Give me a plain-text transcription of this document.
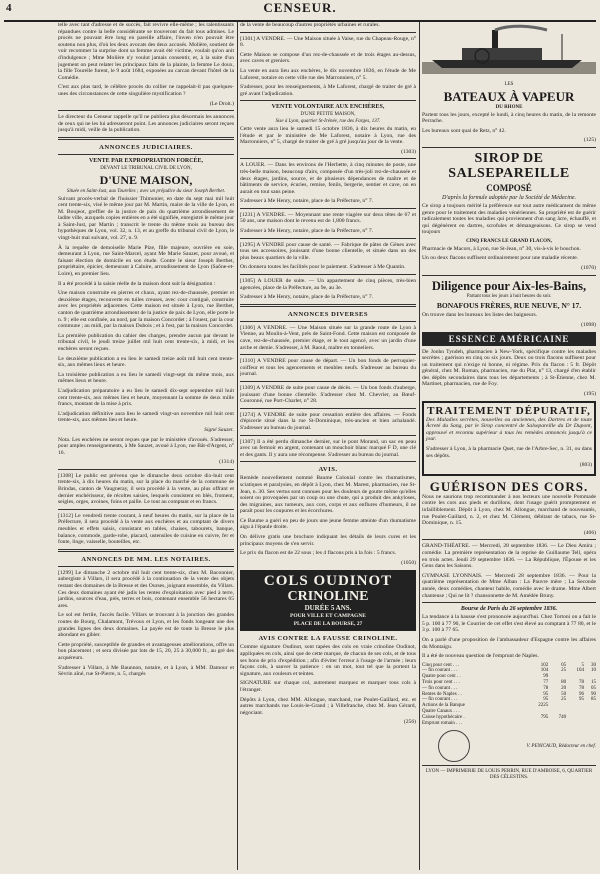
4	CENSEUR.

telle avec tant d'adresse et de succès, fait revivre elle-même ; les ralentissants répandues contre la belle considérante se trouveront du fait tous admises. Le procès ne pouvant être long en pareille affaire, l'inven n'en pouvait être soutenu non plus, d'où les deux avocats des deux accusés. Molière, soutient de voir recommer la surprise dont sa femme avait été victime, voulait qu'on anit d'indulgence ; Mme Molière n'y voulut jamais consentir, et, à la suite d'un jugement on peut relater les principaux faits de la plainte, la femme Le doux, la fille Tourelle furent, le 9 août 1684, exposées au carcan devant l'hôtel de la Comédie.

C'est aux plus tard, le célèbre procès du collier ne rappelait-il pas quelques-unes des circonstances de cette singulière mystification ?

(Le Droit.)

Le directeur du Censeur rappelle qu'il ne publiera plus désormais les annonces de ceux qui ne les lui adresseront point. Les annonces judiciaires seront reçues jusqu'à midi, veille de la publication.

ANNONCES JUDICIAIRES.
VENTE PAR EXPROPRIATION FORCÉE,
DEVANT LE TRIBUNAL CIVIL DE LYON,
D'UNE MAISON,
Située en Saint-Just, aux Tourelles ; avec un préjudice du sieur Joseph Berthet.

Suivant procès-verbal de l'huissier Thimonier, en date du sept mai mil huit cent trente-six, visé le même jour par M. Martin, maire de la ville de Lyon, et M. Boujeot, greffier de la justice de paix du quatrième arrondissement de ladite ville, auxquels copies entières en a été signifiée, enregistré le même jour à Saint-Just, par Martin ; transcrit le trente du même mois au bureau des hypothèques de Lyon, vol. 32, n. 13, et au greffe du tribunal civil de Lyon, le vingt-huit mai suivant, vol. 27, n. 9.

À la requête de demoiselle Marie Pize, fille majeure, ouvrière en soie, demeurant à Lyon, rue Saint-Marcel, ayant Me Marie Sauzet, pour avoué, et faisant élection de domicile en son étude. Contre le sieur Joseph Berthet, propriétaire, épicier, demeurant à Caluire, arrondissement de Lyon (Saône-et-Loire), en premier lieu.

Il a été procédé à la saisie réelle de la maison dont suit la désignation :

Une maison construite en pierres et chaux, ayant rez-de-chaussée, premier et deuxième étages, recouverte en tuiles creuses, avec cour contiguë, construite avec les propriétés adjacentes. Cette maison est située à Lyon, rue Berthet, canton de quatrième arrondissement de la justice de paix de Lyon, elle porte le n. 9 ; elle est confinée, au nord, par la maison Concordet ; à l'ouest, par la cour commune ; au midi, par la maison Dubois ; et à l'est, par la maison Concordet.

La première publication du cahier des charges, prendre aucun par devant le tribunal civil, le jeudi treize juillet mil huit cent trente-six, à midi, et les enchères seront reçues.

Le deuxième publication a eu lieu le samedi treize août mil huit cent trente-six, aux mêmes lieux et heure.

La troisième publication a eu lieu le samedi vingt-sept du même mois, aux mêmes lieux et heure.

L'adjudication préparatoire a eu lieu le samedi dix-sept septembre mil huit cent trente-six, aux mêmes lieu et heure, moyennant la somme de deux mille francs, montant de la mise à prix.

L'adjudication définitive aura lieu le samedi vingt-un novembre mil huit cent trente-six, aux mêmes lieu et heure.

Signé Sauzet.

Nota. Les enchères ne seront reçues que par le ministère d'avoués. S'adresser, pour amples renseignements, à Me Sauzet, avoué à Lyon, rue Bât-d'Argent, n° 16.

(1314)

[1308] Le public est prévenu que le dimanche deux octobre dix-huit cent trente-six, à dix heures du matin, sur la place du marché de la commune de Brindas, canton de Vaugneray, il sera procédé à la vente, au plus offrant et dernier enchérisseur, de récoltes saisies, lesquels consistent en blés, froment, seigles, orges, avoines, foins et paille. Le tout au comptant et en francs.

[1312] Le vendredi trente courant, à neuf heures du matin, sur la place de la Préfecture, il sera procédé à la vente aux enchères et au comptant de divers meubles et effets saisis, consistant en tables, chaises, tabourets, banque, balance, commode, garde-robe, placard, ustensiles de cuisine en cuivre, fer et fonte, linge, vaisselle, bouteilles, etc.

ANNONCES DE MM. LES NOTAIRES.

[1299] Le dimanche 2 octobre mil huit cent trente-six, chez M. Baconnier, aubergiste à Villars, il sera procédé à la continuation de la vente des objets restant des domaines de la Bresse et des Ourses, joignant ensemble, du Villars. Ces deux domaines ayant été jadis les rentes d'exploitation avec pied à terre, jardins, sources d'eau, prés, terres et bois, contenant ensemble 56 hectares 65 ares.

Le sol est fertile, l'accès facile. Villars se trouvant à la jonction des grandes routes de Bourg, Chalamont, Trévoux et Lyon, et les fonds longeant une des grandes lignes des deux domaines. La payée est de toute la Bresse le plus abondant en gibier.

Cette propriété, susceptible de grandes et avantageuses améliorations, offre un bon placement ; et sera divisée par lots de 15, 20, 25 à 30,000 fr., au gré des acquéreurs.

S'adresser à Villars, à Me Baunnon, notaire, et à Lyon, à MM. Damour et Sèvrin aîné, rue St-Pierre, n. 5, chargés

de la vente de beaucoup d'autres propriétés urbaines et rurales.

[1301] A VENDRE. — Une Maison située à Vaise, rue du Chapeau-Rouge, n° 8.

Cette Maison se compose d'un rez-de-chaussée et de trois étages au-dessus, avec caves et greniers.

La vente en aura lieu aux enchères, le dix novembre 1836, en l'étude de Me Laforest, notaire en cette ville rue des Marronniers, n° 5.

S'adresser, pour les renseignements, à Me Laforest, chargé de traiter de gré à gré avant l'adjudication.

VENTE VOLONTAIRE AUX ENCHÈRES,
D'UNE PETITE MAISON,
Sise à Lyon, quartier St-Irénée, rue des Farges, 137.

Cette vente aura lieu le samedi 15 octobre 1836, à dix heures du matin, en l'étude et par le ministère de Me Laforest, notaire à Lyon, rue des Marronniers, n° 5, chargé de traiter de gré à gré jusqu'au jour de la vente.

(1303)

A LOUER. — Dans les environs de l'Herbette, à cinq minutes de poste, une très-belle maison, beaucoup d'airs, composée d'un très-joli rez-de-chaussée et deux étages, jardins, source, et de plusieurs dépendances de maître et de bâtiments de service, écuries, remise, fenils, bergerie, sentier et cave, on en aurait en tout sans peine.

S'adresser à Me Henry, notaire, place de la Préfecture, n° 7.

[1231] A VENDRE. — Moyennant une rente viagère sur deux têtes de 67 et 50 ans, une maison dont le revenu est de 1,800 francs.

S'adresser à Me Henry, notaire, place de la Préfecture, n° 7.

[1295] A VENDRE pour cause de santé. — Fabrique de pâtes de Gênes avec tous ses accessoires, jouissant d'une bonne clientelle, et située dans un des plus beaux quartiers de la ville.

On donnera toutes les facilités pour le paiement. S'adresser à Me Quantin.

[1305] A LOUER de suite. — Un appartement de cinq pièces, très-bien agencées, place de la Préfecture, au 9e, au 3e.

S'adresser à Me Henry, notaire, place de la Préfecture, n° 7.

ANNONCES DIVERSES

[1306] A VENDRE. — Une Maison située sur la grande route de Lyon à Vienne, au Moulin-à-Vent, près de Saint-Fond. Cette maison est composée de cave, rez-de-chaussée, premier étage, et le tout agencé, avec un jardin d'une arche et demie. S'adresser, à M. Raoul, maître en tonneliers.

[1310] A VENDRE pour cause de départ. — Un bon fonds de perruquier-coiffeur et tous les agencements et meubles neufs. S'adresser au bureau du journal.

[1309] A VENDRE de suite pour cause de décès. — Un bon fonds d'auberge, jouissant d'une bonne clientelle. S'adresser chez M. Chevrier, au Bœuf-Couronné, rue Port-Charlet, n° 28.

[1274] A VENDRE de suite pour cessation entière des affaires. — Fonds d'épicerie situé dans la rue St-Dominique, très-ancien et bien achalandé. S'adresser au bureau du journal.

[1307] Il a été perdu dimanche dernier, sur le pont Morand, un sac en peau avec un fermoir en argent, contenant un mouchoir blanc marqué F D, une clé et des gants. Il y aura une récompense. S'adresser au bureau du journal.

AVIS.

Remède nouvellement nommé Baume Colonial contre les rhumatismes, sciatiques et paralysies, en dépôt à Lyon, chez M. Marest, pharmacien, rue St-Jean, n. 30. Ses vertus sont connues pour les douleurs de goutte même qu'elles soient ou provoquées par un coup ou une chute, qui a produit des ankyloses, des migraines, aux tumeurs, aux cors, corps et aux enflures d'humeurs, il ne paraît pour les coupures et les écorchures.

Ce Baume a guéri en peu de jours une jeune femme atteinte d'un rhumatisme aigu à l'épaule droite.

On délivre gratis une brochure indiquant les détails de leurs cures et les principaux moyens de s'en servir.

Le prix du flacon est de 22 sous ; les 4 flacons pris à la fois : 5 francs.

(1050)

COLS OUDINOT
CRINOLINE
DURÉE 5 ANS.
POUR VILLE ET CAMPAGNE
PLACE DE LA BOURSE, 27
AVIS CONTRE LA FAUSSE CRINOLINE.

Comme signature Oudinot, sont tapées des cols en vraie crinoline Oudinot, appliquées en cols, ainsi que de cette marque, de chacun de ses cols, et de tous ses bons de prix d'expédition ; afin d'éviter l'erreur à l'usage de l'armée ; leurs façons cols, à sauver la patience : en un mot, tout tel que la portent la signature, aux couleurs et teintes.

SIGNATURE sur chaque col, autrement marquez et marquer tous cols à l'étranger.

Dépôts à Lyon, chez MM. Allongue, marchand, rue Poulet-Gaillard, etc. et autres marchands rue Louis-le-Grand ; à Villefranche, chez M. Jean Gérard, négociant.

(256)

LES
BATEAUX À VAPEUR
DU RHONE

Partent tous les jours, excepté le lundi, à cinq heures du matin, de la remonte Perrache.

Les bureaux sont quai de Retz, n° 42.

(125)

SIROP DE SALSEPAREILLE
COMPOSÉ
D'après la formule adoptée par la Société de Médecine.

Ce sirop a toujours mérité la préférence sur tout autre médicament du même genre pour le traitement des maladies vénériennes. Sa propriété est de guérir radicalement toutes les maladies qui proviennent d'un sang âcre, échauffé, et qui dégénèrent en dartres, scrofules et démangeaisons. Ce sirop se vend toujours

CINQ FRANCS LE GRAND FLACON,

Pharmacie de Macors, à Lyon, rue St-Jean, n° 30, vis-à-vis le bouchon.

Un ou deux flacons suffisent ordinairement pour une maladie récente.

(1070)

Diligence pour Aix-les-Bains,
Partant tous les jours à huit heures du soir.
BONAFOUS FRÈRES, RUE NEUVE, N° 17.

On trouve dans les bureaux les listes des baigneurs.

(1098)

ESSENCE AMÉRICAINE

De Jonhn Tyndeh, pharmacien à New-York, spécifique contre les maladies secrètes ; guérison en cinq ou six jours. Deux ou trois flacons suffisent pour un traitement qui n'exige ni bonne, ni régime. Prix du flacon : 5 fr. Dépôt général, chez M. Roman, pharmacien, rue du Plat, n° 13, chargé d'en établir des dépôts secondaires dans tous les départements ; à St-Étienne, chez M. Martinet, pharmacien, rue de Foy.

(195)

TRAITEMENT DÉPURATIF,

Des Maladies secrètes, nouvelles ou anciennes, des Dartres et de toute Âcreté du Sang, par le Sirop concentré de Salsepareille du Dr Dupont, approuvé et reconnu supérieur à tous les remèdes annoncés jusqu'à ce jour.

S'adresser à Lyon, à la pharmacie Quet, rue de l'Arbre-Sec, n. 31, ou dans ses dépôts.

(803)

GUÉRISON DES CORS.

Nous ne saurions trop recommander à nos lecteurs une nouvelle Pommade contre les cors aux pieds et durillons, dont l'usage guérit promptement et infailliblement. Dépôt à Lyon, chez M. Allongue, marchand de nouveautés, rue Poulet-Gaillard, n. 2, et chez M. Clément, débitant de tabacs, rue St-Dominique, n. 15.

(406)

GRAND-THÉATRE. — Mercredi, 28 septembre 1836. — Le Dieu Amira ; comédie. La première représentation de la reprise de Guillaume Tell, opéra en trois actes. Jeudi 29 septembre 1836. — La République, l'Épouse et les Gens dans les Saisons.

GYMNASE LYONNAIS. — Mercredi 28 septembre 1836. — Pour la quatrième représentation de Mme Alban : La Pauvre mère ; La Seconde année, deux comédies, chanteur habile, comédie avec le drame. Mme Albert chanteuse ; Qui ne lit ? chansonnette de M. Amédée Bruny.

Bourse de Paris du 26 septembre 1836.

La tendance à la hausse s'est prononcée aujourd'hui. Chez Tortoni on a fait le 5 p. 100 à 77 90, le Courrier de cet effet s'est élevé au comptant à 77 80, et le 3 p. 100 à 77 65.

On a parlé d'une proposition de l'ambassadeur d'Espagne contre les affaires du Montaigu.

Il a été de nouveau question de l'emprunt de Naples.

Cinq pour cent . . .	102	05	5	30
— fin courant . . .	104	25	104	10
Quatre pour cent . .	99			
Trois pour cent . . .	77	80	78	15
— fin courant . . .	78	20	78	05
Rentes de Naples . .	95	50	96	90
— fin courant . . .	95	25	95	85
Actions de la Banque	2225			
Quatre Canaux . . .				
Caisse hypothécaire .	795	740		
Emprunt romain . . .				
V. PENICAUD, Rédacteur en chef.
LYON — IMPRIMERIE DE LOUIS PERRIN, RUE D'AMBOISE, 6, QUARTIER DES CÉLESTINS.
